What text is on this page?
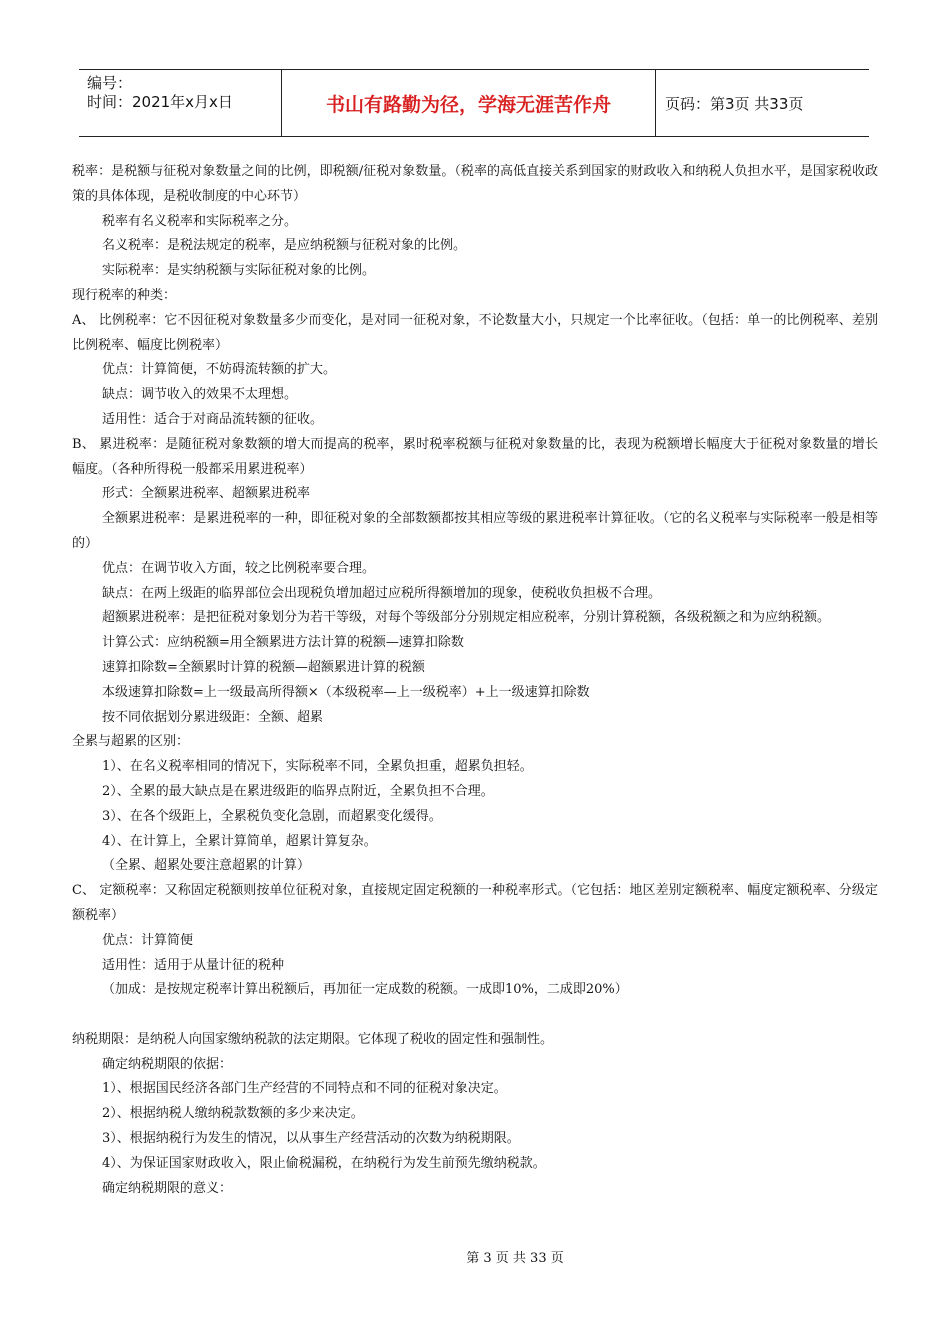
编号：
时间：2021年x月x日	书山有路勤为径，学海无涯苦作舟	页码：第3页 共33页

税率：是税额与征税对象数量之间的比例，即税额/征税对象数量。（税率的高低直接关系到国家的财政收入和纳税人负担水平，是国家税收政策的具体体现，是税收制度的中心环节）

税率有名义税率和实际税率之分。

名义税率：是税法规定的税率，是应纳税额与征税对象的比例。

实际税率：是实纳税额与实际征税对象的比例。

现行税率的种类：

A、 比例税率：它不因征税对象数量多少而变化，是对同一征税对象，不论数量大小，只规定一个比率征收。（包括：单一的比例税率、差别比例税率、幅度比例税率）

优点：计算简便，不妨碍流转额的扩大。

缺点：调节收入的效果不太理想。

适用性：适合于对商品流转额的征收。

B、 累进税率：是随征税对象数额的增大而提高的税率，累时税率税额与征税对象数量的比，表现为税额增长幅度大于征税对象数量的增长幅度。（各种所得税一般都采用累进税率）

形式：全额累进税率、超额累进税率

全额累进税率：是累进税率的一种，即征税对象的全部数额都按其相应等级的累进税率计算征收。（它的名义税率与实际税率一般是相等的）

优点：在调节收入方面，较之比例税率要合理。

缺点：在两上级距的临界部位会出现税负增加超过应税所得额增加的现象，使税收负担极不合理。

超额累进税率：是把征税对象划分为若干等级，对每个等级部分分别规定相应税率，分别计算税额，各级税额之和为应纳税额。

计算公式：应纳税额=用全额累进方法计算的税额—速算扣除数

速算扣除数=全额累时计算的税额—超额累进计算的税额

本级速算扣除数=上一级最高所得额×（本级税率—上一级税率）+上一级速算扣除数

按不同依据划分累进级距：全额、超累

全累与超累的区别：

1）、在名义税率相同的情况下，实际税率不同，全累负担重，超累负担轻。

2）、全累的最大缺点是在累进级距的临界点附近，全累负担不合理。

3）、在各个级距上，全累税负变化急剧，而超累变化缓得。

4）、在计算上，全累计算简单，超累计算复杂。

（全累、超累处要注意超累的计算）

C、 定额税率：又称固定税额则按单位征税对象，直接规定固定税额的一种税率形式。（它包括：地区差别定额税率、幅度定额税率、分级定额税率）

优点：计算简便

适用性：适用于从量计征的税种

（加成：是按规定税率计算出税额后，再加征一定成数的税额。一成即10%，二成即20%）

纳税期限：是纳税人向国家缴纳税款的法定期限。它体现了税收的固定性和强制性。

确定纳税期限的依据：

1）、根据国民经济各部门生产经营的不同特点和不同的征税对象决定。

2）、根据纳税人缴纳税款数额的多少来决定。

3）、根据纳税行为发生的情况，以从事生产经营活动的次数为纳税期限。

4）、为保证国家财政收入，限止偷税漏税，在纳税行为发生前预先缴纳税款。

确定纳税期限的意义：

第 3 页 共 33 页
